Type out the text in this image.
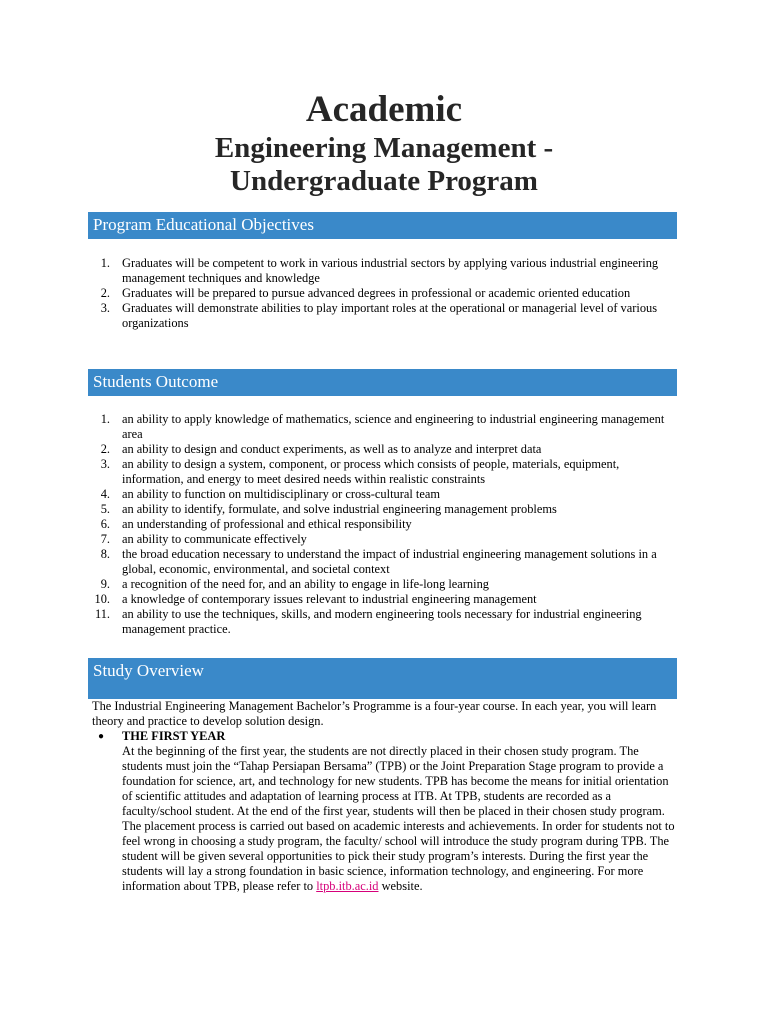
Academic
Engineering Management -
Undergraduate Program
Program Educational Objectives
1. Graduates will be competent to work in various industrial sectors by applying various industrial engineering management techniques and knowledge
2. Graduates will be prepared to pursue advanced degrees in professional or academic oriented education
3. Graduates will demonstrate abilities to play important roles at the operational or managerial level of various organizations
Students Outcome
1. an ability to apply knowledge of mathematics, science and engineering to industrial engineering management area
2. an ability to design and conduct experiments, as well as to analyze and interpret data
3. an ability to design a system, component, or process which consists of people, materials, equipment, information, and energy to meet desired needs within realistic constraints
4. an ability to function on multidisciplinary or cross-cultural team
5. an ability to identify, formulate, and solve industrial engineering management problems
6. an understanding of professional and ethical responsibility
7. an ability to communicate effectively
8. the broad education necessary to understand the impact of industrial engineering management solutions in a global, economic, environmental, and societal context
9. a recognition of the need for, and an ability to engage in life-long learning
10. a knowledge of contemporary issues relevant to industrial engineering management
11. an ability to use the techniques, skills, and modern engineering tools necessary for industrial engineering management practice.
Study Overview
The Industrial Engineering Management Bachelor’s Programme is a four-year course. In each year, you will learn theory and practice to develop solution design.
● THE FIRST YEAR
At the beginning of the first year, the students are not directly placed in their chosen study program. The students must join the “Tahap Persiapan Bersama” (TPB) or the Joint Preparation Stage program to provide a foundation for science, art, and technology for new students. TPB has become the means for initial orientation of scientific attitudes and adaptation of learning process at ITB. At TPB, students are recorded as a faculty/school student. At the end of the first year, students will then be placed in their chosen study program. The placement process is carried out based on academic interests and achievements. In order for students not to feel wrong in choosing a study program, the faculty/ school will introduce the study program during TPB. The student will be given several opportunities to pick their study program’s interests. During the first year the students will lay a strong foundation in basic science, information technology, and engineering. For more information about TPB, please refer to ltpb.itb.ac.id website.
